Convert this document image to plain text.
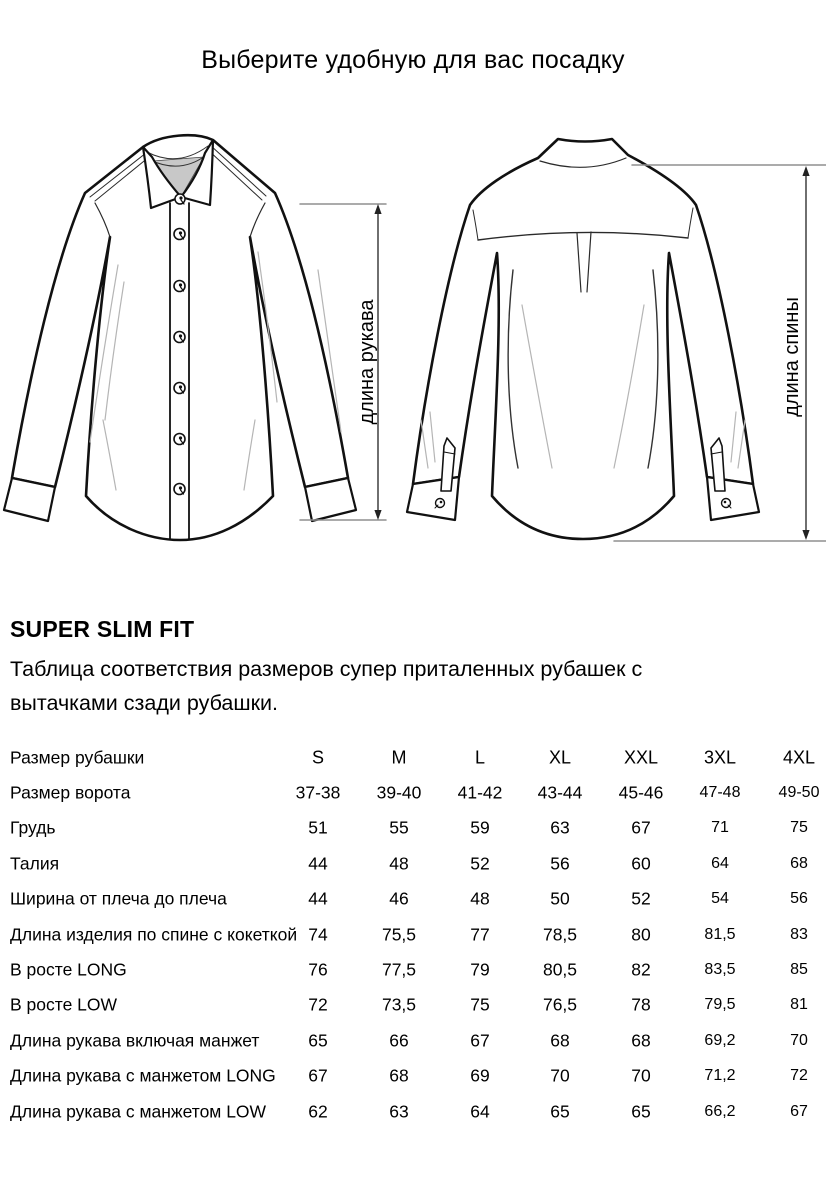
Выберите удобную для вас посадку
длина рукава	длина спины
SUPER SLIM FIT
Таблица соответствия размеров супер приталенных рубашек с вытачками сзади рубашки.
Размер рубашки	S	M	L	XL	XXL	3XL	4XL
Размер ворота	37-38 39-40 41-42 43-44 45-46 47-48 49-50
Грудь	51	55	59	63	67	71	75
Талия	44	48	52	56	60	64	68
Ширина от плеча до плеча	44	46	48	50	52	54	56
Длина изделия по спине с кокеткой 74	75,5	77	78,5	80	81,5	83
В росте LONG	76	77,5	79	80,5	82	83,5	85
В росте LOW	72	73,5	75	76,5	78	79,5	81
Длина рукава включая манжет	65	66	67	68	68	69,2	70
Длина рукава с манжетом LONG 67	68	69	70	70	71,2	72
Длина рукава с манжетом LOW 62	63	64	65	65	66,2	67
